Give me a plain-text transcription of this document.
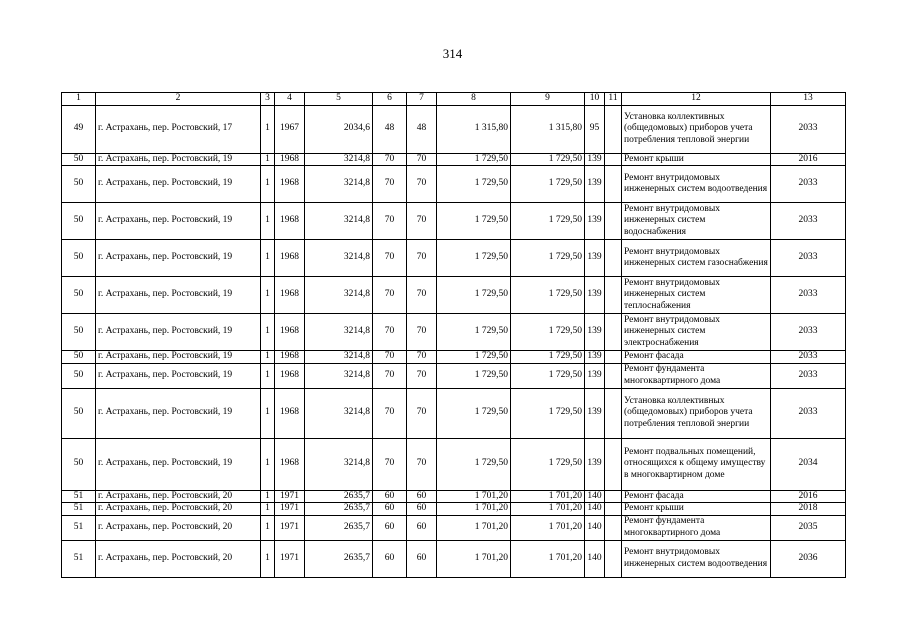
314
1	2	3	4	5	6	7	8	9	10	11	12	13
49	г. Астрахань, пер. Ростовский, 17	1	1967	2034,6	48	48	1 315,80	1 315,80	95		Установка коллективных (общедомовых) приборов учета потребления тепловой энергии	2033
50	г. Астрахань, пер. Ростовский, 19	1	1968	3214,8	70	70	1 729,50	1 729,50	139		Ремонт крыши	2016
50	г. Астрахань, пер. Ростовский, 19	1	1968	3214,8	70	70	1 729,50	1 729,50	139		Ремонт внутридомовых инженерных систем водоотведения	2033
50	г. Астрахань, пер. Ростовский, 19	1	1968	3214,8	70	70	1 729,50	1 729,50	139		Ремонт внутридомовых инженерных систем водоснабжения	2033
50	г. Астрахань, пер. Ростовский, 19	1	1968	3214,8	70	70	1 729,50	1 729,50	139		Ремонт внутридомовых инженерных систем газоснабжения	2033
50	г. Астрахань, пер. Ростовский, 19	1	1968	3214,8	70	70	1 729,50	1 729,50	139		Ремонт внутридомовых инженерных систем теплоснабжения	2033
50	г. Астрахань, пер. Ростовский, 19	1	1968	3214,8	70	70	1 729,50	1 729,50	139		Ремонт внутридомовых инженерных систем электроснабжения	2033
50	г. Астрахань, пер. Ростовский, 19	1	1968	3214,8	70	70	1 729,50	1 729,50	139		Ремонт фасада	2033
50	г. Астрахань, пер. Ростовский, 19	1	1968	3214,8	70	70	1 729,50	1 729,50	139		Ремонт фундамента многоквартирного дома	2033
50	г. Астрахань, пер. Ростовский, 19	1	1968	3214,8	70	70	1 729,50	1 729,50	139		Установка коллективных (общедомовых) приборов учета потребления тепловой энергии	2033
50	г. Астрахань, пер. Ростовский, 19	1	1968	3214,8	70	70	1 729,50	1 729,50	139		Ремонт подвальных помещений, относящихся к общему имуществу в многоквартирном доме	2034
51	г. Астрахань, пер. Ростовский, 20	1	1971	2635,7	60	60	1 701,20	1 701,20	140		Ремонт фасада	2016
51	г. Астрахань, пер. Ростовский, 20	1	1971	2635,7	60	60	1 701,20	1 701,20	140		Ремонт крыши	2018
51	г. Астрахань, пер. Ростовский, 20	1	1971	2635,7	60	60	1 701,20	1 701,20	140		Ремонт фундамента многоквартирного дома	2035
51	г. Астрахань, пер. Ростовский, 20	1	1971	2635,7	60	60	1 701,20	1 701,20	140		Ремонт внутридомовых инженерных систем водоотведения	2036
